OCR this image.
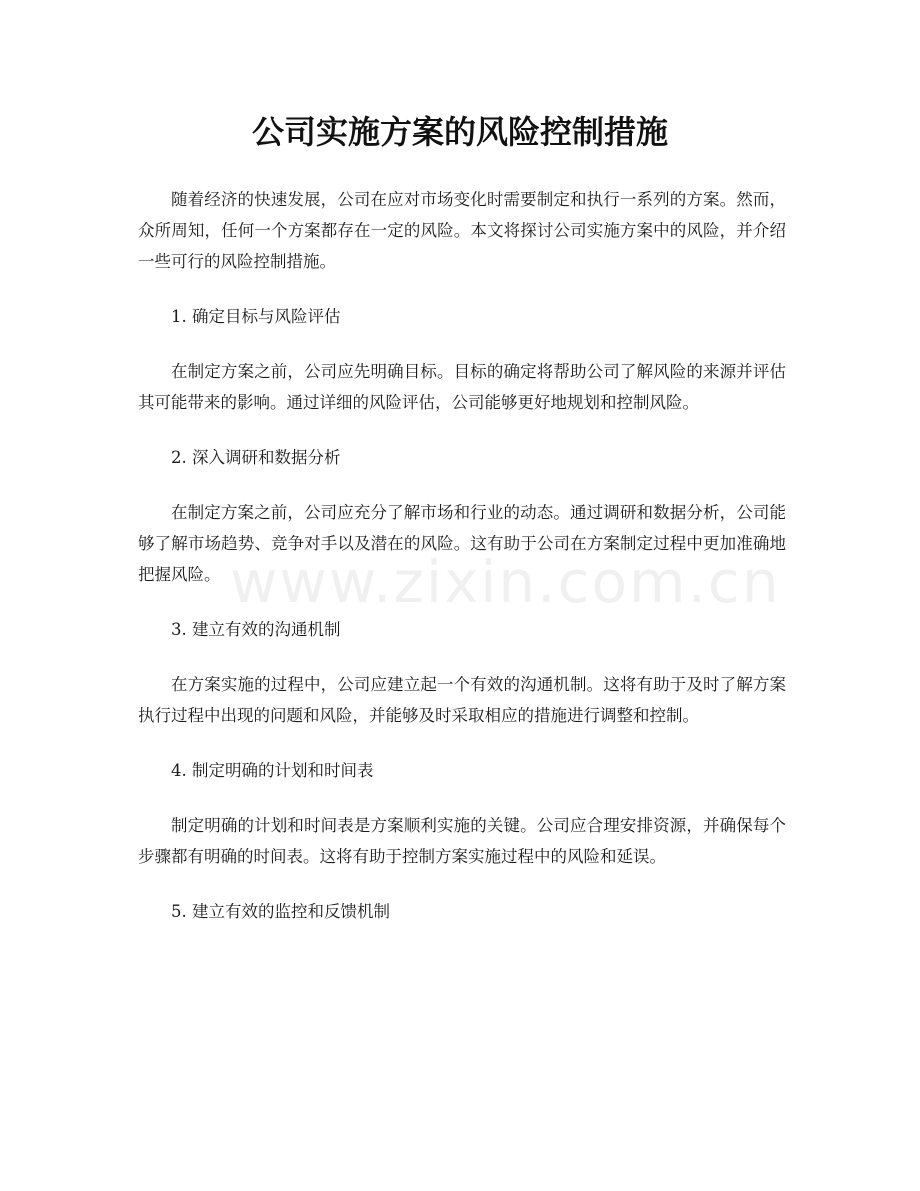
公司实施方案的风险控制措施
www.zixin.com.cn

随着经济的快速发展，公司在应对市场变化时需要制定和执行一系列的方案。然而，众所周知，任何一个方案都存在一定的风险。本文将探讨公司实施方案中的风险，并介绍一些可行的风险控制措施。

1. 确定目标与风险评估

在制定方案之前，公司应先明确目标。目标的确定将帮助公司了解风险的来源并评估其可能带来的影响。通过详细的风险评估，公司能够更好地规划和控制风险。

2. 深入调研和数据分析

在制定方案之前，公司应充分了解市场和行业的动态。通过调研和数据分析，公司能够了解市场趋势、竞争对手以及潜在的风险。这有助于公司在方案制定过程中更加准确地把握风险。

3. 建立有效的沟通机制

在方案实施的过程中，公司应建立起一个有效的沟通机制。这将有助于及时了解方案执行过程中出现的问题和风险，并能够及时采取相应的措施进行调整和控制。

4. 制定明确的计划和时间表

制定明确的计划和时间表是方案顺利实施的关键。公司应合理安排资源，并确保每个步骤都有明确的时间表。这将有助于控制方案实施过程中的风险和延误。

5. 建立有效的监控和反馈机制
